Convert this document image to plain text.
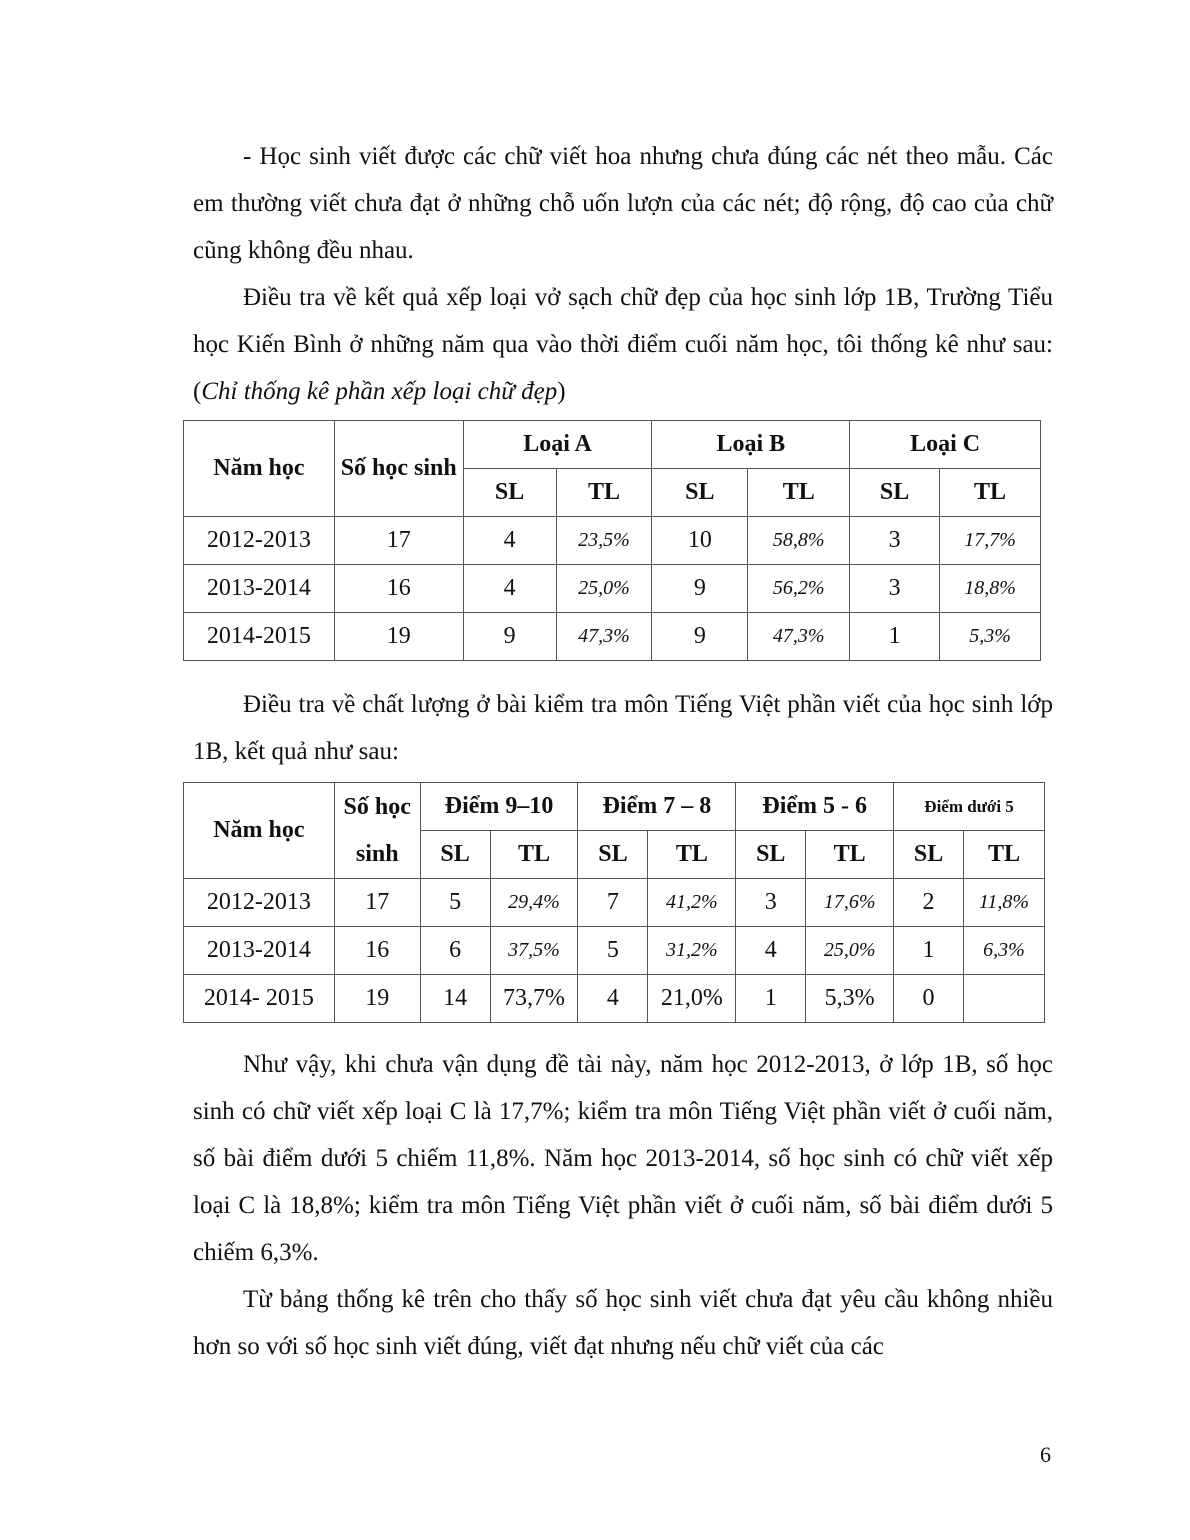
- Học sinh viết được các chữ viết hoa nhưng chưa đúng các nét theo mẫu. Các em thường viết chưa đạt ở những chỗ uốn lượn của các nét; độ rộng, độ cao của chữ cũng không đều nhau.

Điều tra về kết quả xếp loại vở sạch chữ đẹp của học sinh lớp 1B, Trường Tiểu học Kiến Bình ở những năm qua vào thời điểm cuối năm học, tôi thống kê như sau: (Chỉ thống kê phần xếp loại chữ đẹp)

Năm học	Số học sinh	Loại A		Loại B		Loại C	
		SL	TL	SL	TL	SL	TL
2012-2013	17	4	23,5%	10	58,8%	3	17,7%
2013-2014	16	4	25,0%	9	56,2%	3	18,8%
2014-2015	19	9	47,3%	9	47,3%	1	5,3%

Điều tra về chất lượng ở bài kiểm tra môn Tiếng Việt phần viết của học sinh lớp 1B, kết quả như sau:

Năm học	Số học sinh	Điểm 9–10		Điểm 7 – 8		Điểm 5 - 6		Điểm dưới 5	
		SL	TL	SL	TL	SL	TL	SL	TL
2012-2013	17	5	29,4%	7	41,2%	3	17,6%	2	11,8%
2013-2014	16	6	37,5%	5	31,2%	4	25,0%	1	6,3%
2014- 2015	19	14	73,7%	4	21,0%	1	5,3%	0	

Như vậy, khi chưa vận dụng đề tài này, năm học 2012-2013, ở lớp 1B, số học sinh có chữ viết xếp loại C là 17,7%; kiểm tra môn Tiếng Việt phần viết ở cuối năm, số bài điểm dưới 5 chiếm 11,8%. Năm học 2013-2014, số học sinh có chữ viết xếp loại C là 18,8%; kiểm tra môn Tiếng Việt phần viết ở cuối năm, số bài điểm dưới 5 chiếm 6,3%.

Từ bảng thống kê trên cho thấy số học sinh viết chưa đạt yêu cầu không nhiều hơn so với số học sinh viết đúng, viết đạt nhưng nếu chữ viết của các

6
